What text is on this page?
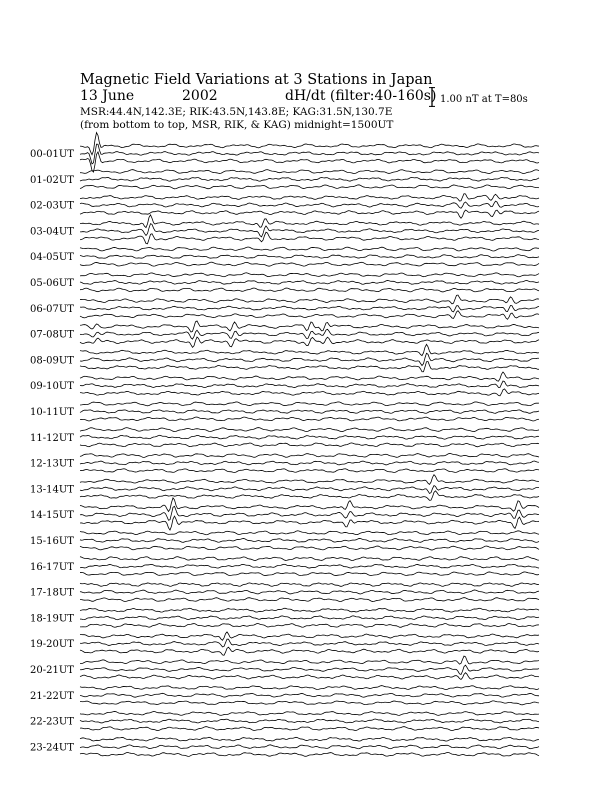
Magnetic Field Variations at 3 Stations in Japan
13 June	2002	dH/dt (filter:40-160s)
MSR:44.4N,142.3E; RIK:43.5N,143.8E; KAG:31.5N,130.7E
(from bottom to top, MSR, RIK, & KAG) midnight=1500UT
1.00 nT at T=80s
00-01UT
01-02UT
02-03UT
03-04UT
04-05UT
05-06UT
06-07UT
07-08UT
08-09UT
09-10UT
10-11UT
11-12UT
12-13UT
13-14UT
14-15UT
15-16UT
16-17UT
17-18UT
18-19UT
19-20UT
20-21UT
21-22UT
22-23UT
23-24UT
